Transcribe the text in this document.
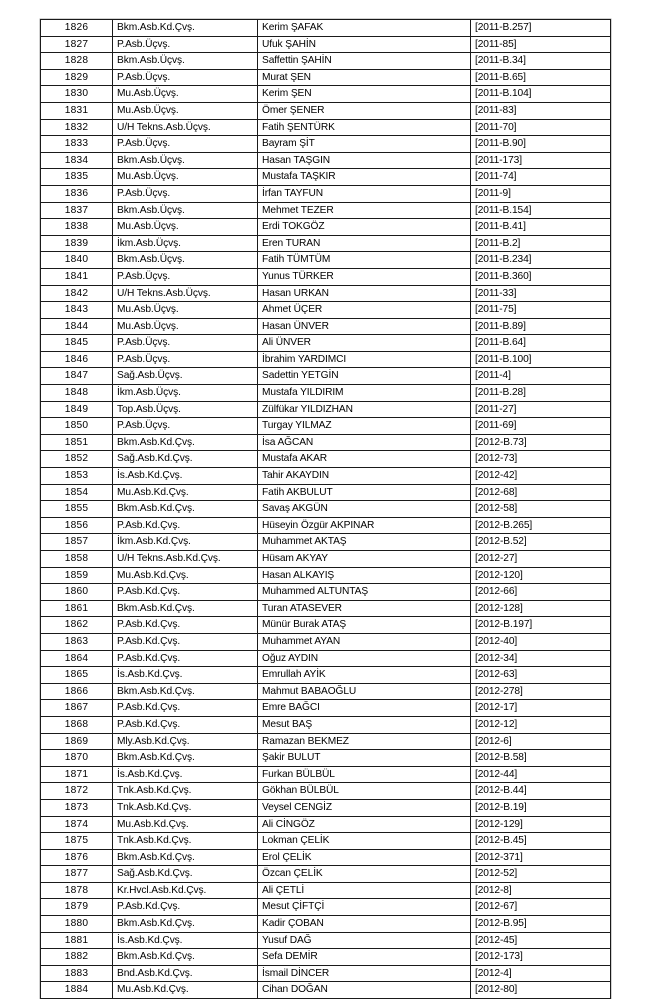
1826	Bkm.Asb.Kd.Çvş.	Kerim ŞAFAK	[2011-B.257]
1827	P.Asb.Üçvş.	Ufuk ŞAHİN	[2011-85]
1828	Bkm.Asb.Üçvş.	Saffettin ŞAHİN	[2011-B.34]
1829	P.Asb.Üçvş.	Murat ŞEN	[2011-B.65]
1830	Mu.Asb.Üçvş.	Kerim ŞEN	[2011-B.104]
1831	Mu.Asb.Üçvş.	Ömer ŞENER	[2011-83]
1832	U/H Tekns.Asb.Üçvş.	Fatih ŞENTÜRK	[2011-70]
1833	P.Asb.Üçvş.	Bayram ŞİT	[2011-B.90]
1834	Bkm.Asb.Üçvş.	Hasan TAŞGIN	[2011-173]
1835	Mu.Asb.Üçvş.	Mustafa TAŞKIR	[2011-74]
1836	P.Asb.Üçvş.	İrfan TAYFUN	[2011-9]
1837	Bkm.Asb.Üçvş.	Mehmet TEZER	[2011-B.154]
1838	Mu.Asb.Üçvş.	Erdi TOKGÖZ	[2011-B.41]
1839	İkm.Asb.Üçvş.	Eren TURAN	[2011-B.2]
1840	Bkm.Asb.Üçvş.	Fatih TÜMTÜM	[2011-B.234]
1841	P.Asb.Üçvş.	Yunus TÜRKER	[2011-B.360]
1842	U/H Tekns.Asb.Üçvş.	Hasan URKAN	[2011-33]
1843	Mu.Asb.Üçvş.	Ahmet ÜÇER	[2011-75]
1844	Mu.Asb.Üçvş.	Hasan ÜNVER	[2011-B.89]
1845	P.Asb.Üçvş.	Ali ÜNVER	[2011-B.64]
1846	P.Asb.Üçvş.	İbrahim YARDIMCI	[2011-B.100]
1847	Sağ.Asb.Üçvş.	Sadettin YETGİN	[2011-4]
1848	İkm.Asb.Üçvş.	Mustafa YILDIRIM	[2011-B.28]
1849	Top.Asb.Üçvş.	Zülfükar YILDIZHAN	[2011-27]
1850	P.Asb.Üçvş.	Turgay YILMAZ	[2011-69]
1851	Bkm.Asb.Kd.Çvş.	İsa AĞCAN	[2012-B.73]
1852	Sağ.Asb.Kd.Çvş.	Mustafa AKAR	[2012-73]
1853	İs.Asb.Kd.Çvş.	Tahir AKAYDIN	[2012-42]
1854	Mu.Asb.Kd.Çvş.	Fatih AKBULUT	[2012-68]
1855	Bkm.Asb.Kd.Çvş.	Savaş AKGÜN	[2012-58]
1856	P.Asb.Kd.Çvş.	Hüseyin Özgür AKPINAR	[2012-B.265]
1857	İkm.Asb.Kd.Çvş.	Muhammet AKTAŞ	[2012-B.52]
1858	U/H Tekns.Asb.Kd.Çvş.	Hüsam AKYAY	[2012-27]
1859	Mu.Asb.Kd.Çvş.	Hasan ALKAYIŞ	[2012-120]
1860	P.Asb.Kd.Çvş.	Muhammed ALTUNTAŞ	[2012-66]
1861	Bkm.Asb.Kd.Çvş.	Turan ATASEVER	[2012-128]
1862	P.Asb.Kd.Çvş.	Münür Burak ATAŞ	[2012-B.197]
1863	P.Asb.Kd.Çvş.	Muhammet AYAN	[2012-40]
1864	P.Asb.Kd.Çvş.	Oğuz AYDIN	[2012-34]
1865	İs.Asb.Kd.Çvş.	Emrullah AYİK	[2012-63]
1866	Bkm.Asb.Kd.Çvş.	Mahmut BABAOĞLU	[2012-278]
1867	P.Asb.Kd.Çvş.	Emre BAĞCI	[2012-17]
1868	P.Asb.Kd.Çvş.	Mesut BAŞ	[2012-12]
1869	Mly.Asb.Kd.Çvş.	Ramazan BEKMEZ	[2012-6]
1870	Bkm.Asb.Kd.Çvş.	Şakir BULUT	[2012-B.58]
1871	İs.Asb.Kd.Çvş.	Furkan BÜLBÜL	[2012-44]
1872	Tnk.Asb.Kd.Çvş.	Gökhan BÜLBÜL	[2012-B.44]
1873	Tnk.Asb.Kd.Çvş.	Veysel CENGİZ	[2012-B.19]
1874	Mu.Asb.Kd.Çvş.	Ali CİNGÖZ	[2012-129]
1875	Tnk.Asb.Kd.Çvş.	Lokman ÇELİK	[2012-B.45]
1876	Bkm.Asb.Kd.Çvş.	Erol ÇELİK	[2012-371]
1877	Sağ.Asb.Kd.Çvş.	Özcan ÇELİK	[2012-52]
1878	Kr.Hvcl.Asb.Kd.Çvş.	Ali ÇETLİ	[2012-8]
1879	P.Asb.Kd.Çvş.	Mesut ÇİFTÇİ	[2012-67]
1880	Bkm.Asb.Kd.Çvş.	Kadir ÇOBAN	[2012-B.95]
1881	İs.Asb.Kd.Çvş.	Yusuf DAĞ	[2012-45]
1882	Bkm.Asb.Kd.Çvş.	Sefa DEMİR	[2012-173]
1883	Bnd.Asb.Kd.Çvş.	İsmail DİNCER	[2012-4]
1884	Mu.Asb.Kd.Çvş.	Cihan DOĞAN	[2012-80]
